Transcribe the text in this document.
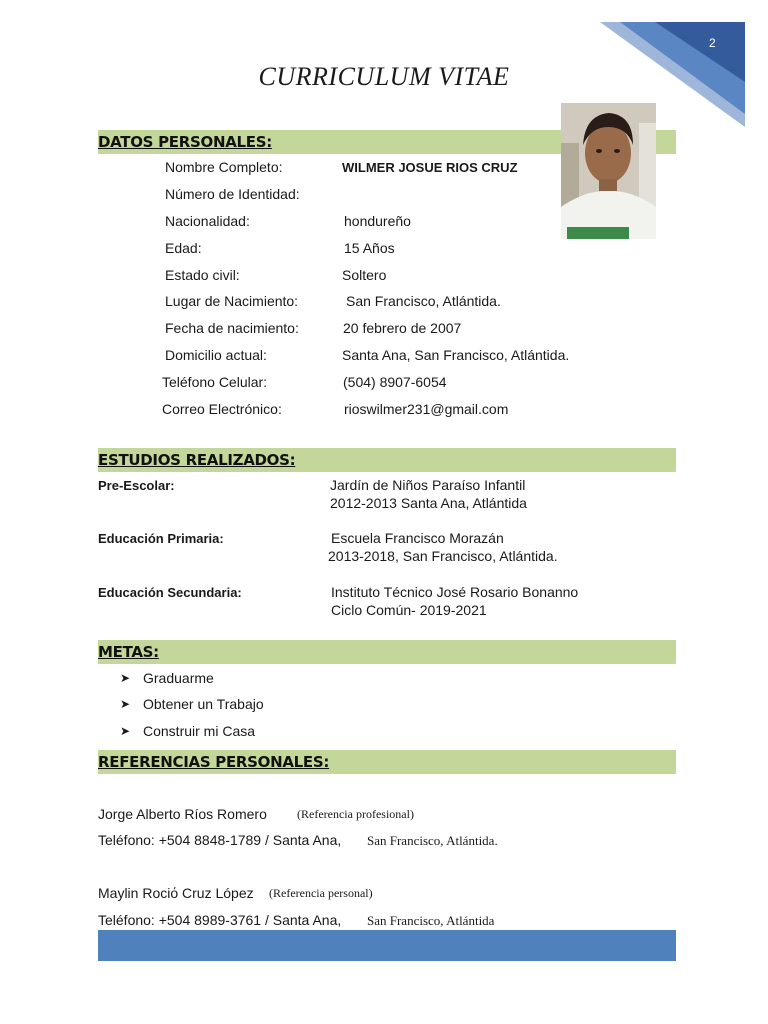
2
CURRICULUM VITAE
DATOS PERSONALES:
Nombre Completo:	WILMER JOSUE RIOS CRUZ
Número de Identidad:
Nacionalidad:	hondureño
Edad:	15 Años
Estado civil:	Soltero
Lugar de Nacimiento:	San Francisco, Atlántida.
Fecha de nacimiento:	20 febrero de 2007
Domicilio actual:	Santa Ana, San Francisco, Atlántida.
Teléfono Celular:	(504) 8907-6054
Correo Electrónico:	rioswilmer231@gmail.com
ESTUDIOS REALIZADOS:
Pre-Escolar:	Jardín de Niños Paraíso Infantil
2012-2013 Santa Ana, Atlántida
Educación Primaria:	Escuela Francisco Morazán
2013-2018, San Francisco, Atlántida.
Educación Secundaria:	Instituto Técnico José Rosario Bonanno
Ciclo Común- 2019-2021
METAS:
➤ Graduarme
➤ Obtener un Trabajo
➤ Construir mi Casa
REFERENCIAS PERSONALES:
Jorge Alberto Ríos Romero	(Referencia profesional)
Teléfono: +504 8848-1789 / Santa Ana, San Francisco, Atlántida.
Maylin Rociό Cruz López (Referencia personal)
Teléfono: +504 8989-3761 / Santa Ana, San Francisco, Atlántida
